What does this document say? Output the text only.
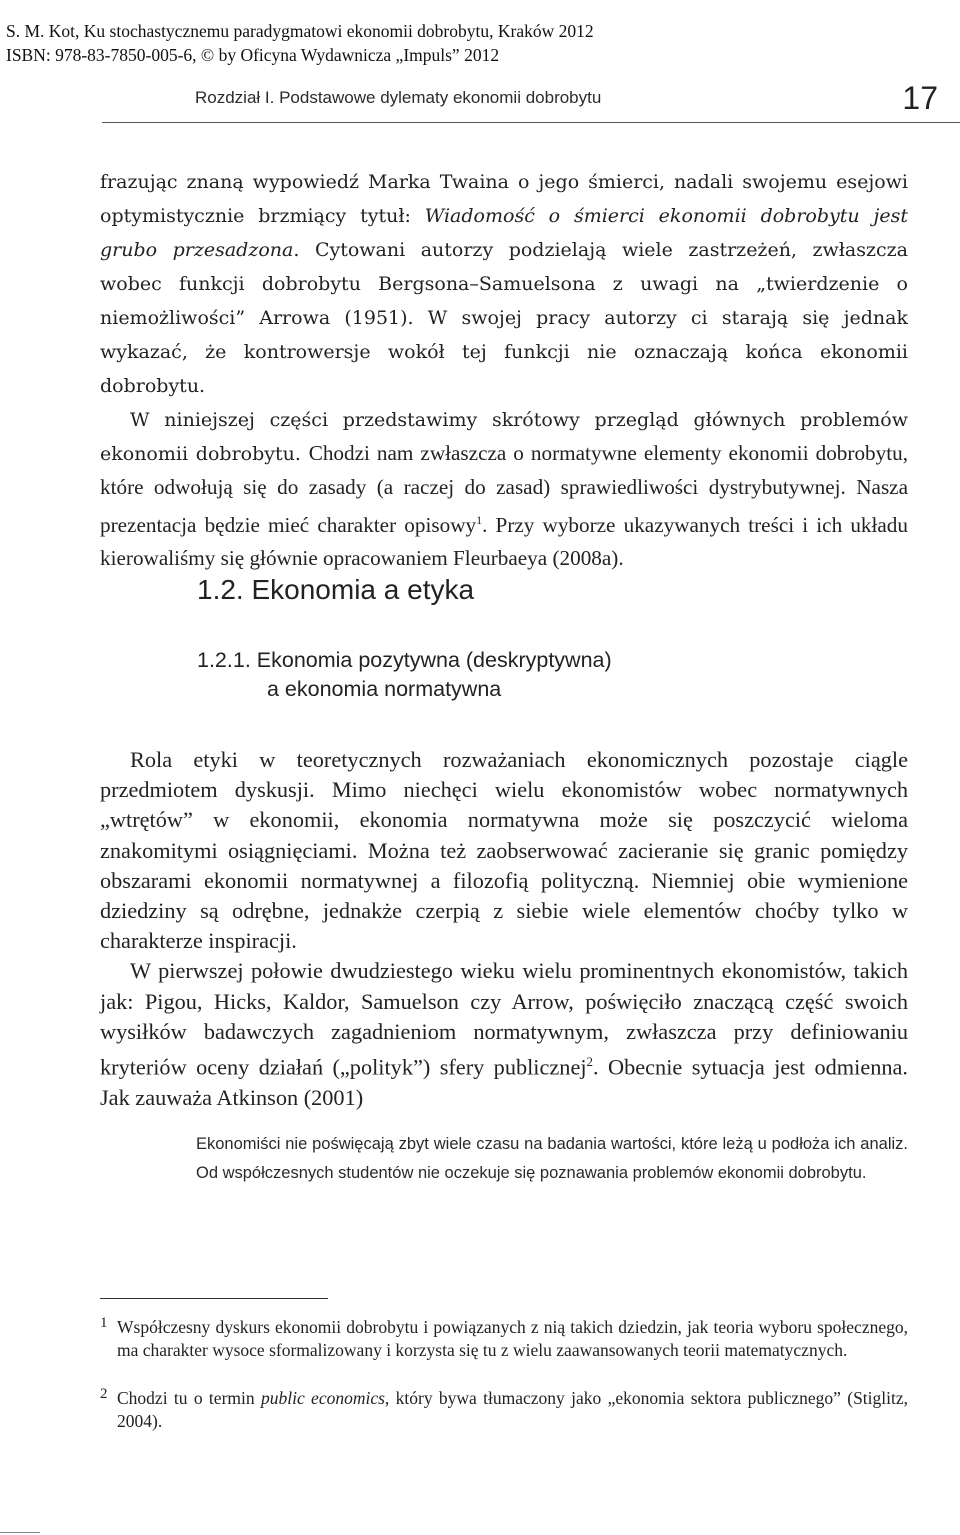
S. M. Kot, Ku stochastycznemu paradygmatowi ekonomii dobrobytu, Kraków 2012
ISBN: 978-83-7850-005-6, © by Oficyna Wydawnicza „Impuls” 2012
Rozdział I. Podstawowe dylematy ekonomii dobrobytu	17

frazując znaną wypowiedź Marka Twaina o jego śmierci, nadali swojemu esejowi optymistycznie brzmiący tytuł: Wiadomość o śmierci ekonomii dobrobytu jest grubo przesadzona. Cytowani autorzy podzielają wiele zastrzeżeń, zwłaszcza wobec funkcji dobrobytu Bergsona–Samuelsona z uwagi na „twierdzenie o niemożliwości” Arrowa (1951). W swojej pracy autorzy ci starają się jednak wykazać, że kontrowersje wokół tej funkcji nie oznaczają końca ekonomii dobrobytu.

W niniejszej części przedstawimy skrótowy przegląd głównych problemów ekonomii dobrobytu. Chodzi nam zwłaszcza o normatywne elementy ekonomii dobrobytu, które odwołują się do zasady (a raczej do zasad) sprawiedliwości dystrybutywnej. Nasza prezentacja będzie mieć charakter opisowy$^1$. Przy wyborze ukazywanych treści i ich układu kierowaliśmy się głównie opracowaniem Fleurbaeya (2008a).

1.2. Ekonomia a etyka
1.2.1. Ekonomia pozytywna (deskryptywna)
a ekonomia normatywna

Rola etyki w teoretycznych rozważaniach ekonomicznych pozostaje ciągle przedmiotem dyskusji. Mimo niechęci wielu ekonomistów wobec normatywnych „wtrętów” w ekonomii, ekonomia normatywna może się poszczycić wieloma znakomitymi osiągnięciami. Można też zaobserwować zacieranie się granic pomiędzy obszarami ekonomii normatywnej a filozofią polityczną. Niemniej obie wymienione dziedziny są odrębne, jednakże czerpią z siebie wiele elementów choćby tylko w charakterze inspiracji.

W pierwszej połowie dwudziestego wieku wielu prominentnych ekonomistów, takich jak: Pigou, Hicks, Kaldor, Samuelson czy Arrow, poświęciło znaczącą część swoich wysiłków badawczych zagadnieniom normatywnym, zwłaszcza przy definiowaniu kryteriów oceny działań („polityk”) sfery publicznej$^2$. Obecnie sytuacja jest odmienna. Jak zauważa Atkinson (2001)

Ekonomiści nie poświęcają zbyt wiele czasu na badania wartości, które leżą u podłoża ich analiz. Od współczesnych studentów nie oczekuje się poznawania problemów ekonomii dobrobytu.
1 Współczesny dyskurs ekonomii dobrobytu i powiązanych z nią takich dziedzin, jak teoria wyboru społecznego, ma charakter wysoce sformalizowany i korzysta się tu z wielu zaawansowanych teorii matematycznych.
2 Chodzi tu o termin public economics, który bywa tłumaczony jako „ekonomia sektora publicznego” (Stiglitz, 2004).
